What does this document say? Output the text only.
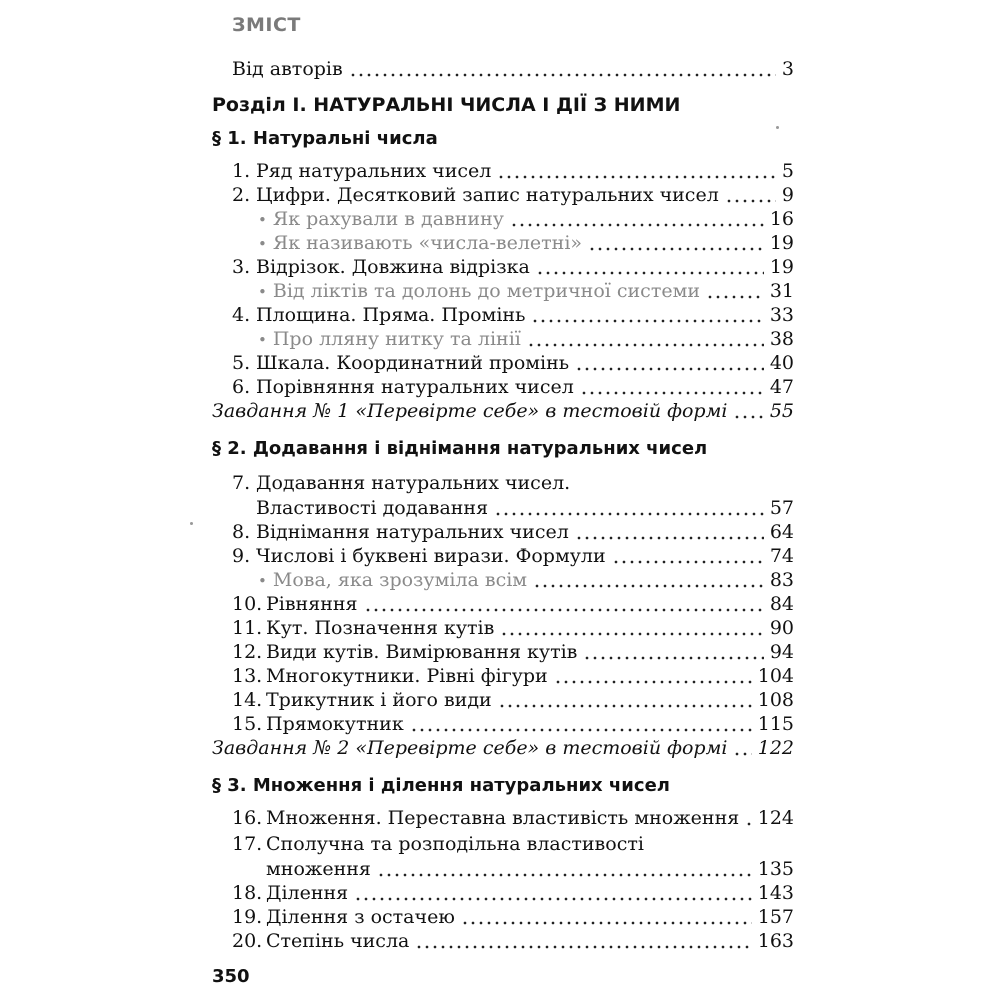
ЗМІСТ
Від авторів	3
Розділ І. НАТУРАЛЬНІ ЧИСЛА І ДІЇ З НИМИ
§ 1. Натуральні числа
1. Ряд натуральних чисел	5
2. Цифри. Десятковий запис натуральних чисел	9
• Як рахували в давнину	16
• Як називають «числа-велетні»	19
3. Відрізок. Довжина відрізка	19
• Від ліктів та долонь до метричної системи	31
4. Площина. Пряма. Промінь	33
• Про лляну нитку та лінії	38
5. Шкала. Координатний промінь	40
6. Порівняння натуральних чисел	47
Завдання № 1 «Перевірте себе» в тестовій формі 55
§ 2. Додавання і віднімання натуральних чисел
7. Додавання натуральних чисел.
Властивості додавання	57
8. Віднімання натуральних чисел	64
9. Числові і буквені вирази. Формули	74
• Мова, яка зрозуміла всім	83
10. Рівняння	84
11. Кут. Позначення кутів	90
12. Види кутів. Вимірювання кутів	94
13. Многокутники. Рівні фігури	104
14. Трикутник і його види	108
15. Прямокутник	115
Завдання № 2 «Перевірте себе» в тестовій формі 122
§ 3. Множення і ділення натуральних чисел
16. Множення. Переставна властивість множення 124
17. Сполучна та розподільна властивості
множення	135
18. Ділення	143
19. Ділення з остачею	157
20. Степінь числа	163
350
